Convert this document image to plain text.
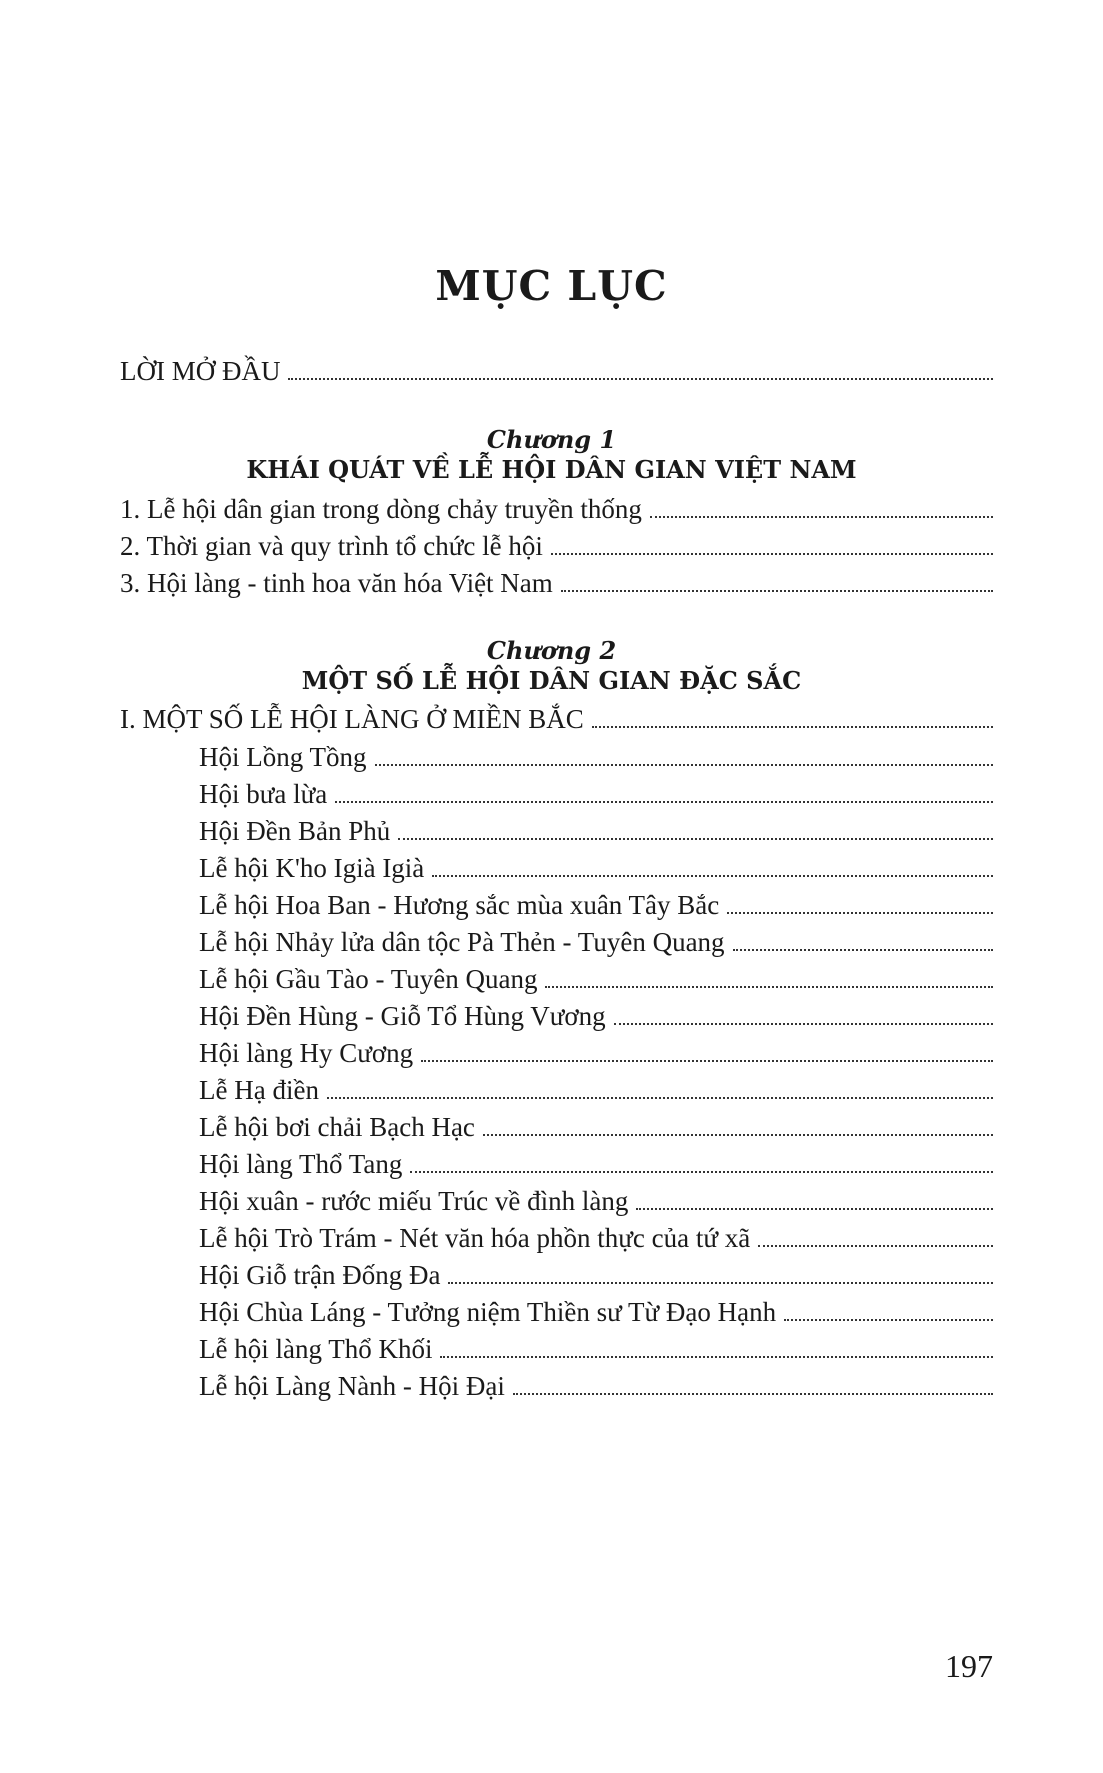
MỤC LỤC
LỜI MỞ ĐẦU
Chương 1
KHÁI QUÁT VỀ LỄ HỘI DÂN GIAN VIỆT NAM
1. Lễ hội dân gian trong dòng chảy truyền thống
2. Thời gian và quy trình tổ chức lễ hội
3. Hội làng - tinh hoa văn hóa Việt Nam
Chương 2
MỘT SỐ LỄ HỘI DÂN GIAN ĐẶC SẮC
I. MỘT SỐ LỄ HỘI LÀNG Ở MIỀN BẮC
Hội Lồng Tồng
Hội bưa lừa
Hội Đền Bản Phủ
Lễ hội K'ho Igià Igià
Lễ hội Hoa Ban - Hương sắc mùa xuân Tây Bắc
Lễ hội Nhảy lửa dân tộc Pà Thẻn - Tuyên Quang
Lễ hội Gầu Tào - Tuyên Quang
Hội Đền Hùng - Giỗ Tổ Hùng Vương
Hội làng Hy Cương
Lễ Hạ điền
Lễ hội bơi chải Bạch Hạc
Hội làng Thổ Tang
Hội xuân - rước miếu Trúc về đình làng
Lễ hội Trò Trám - Nét văn hóa phồn thực của tứ xã
Hội Giỗ trận Đống Đa
Hội Chùa Láng - Tưởng niệm Thiền sư Từ Đạo Hạnh
Lễ hội làng Thổ Khối
Lễ hội Làng Nành - Hội Đại
197
